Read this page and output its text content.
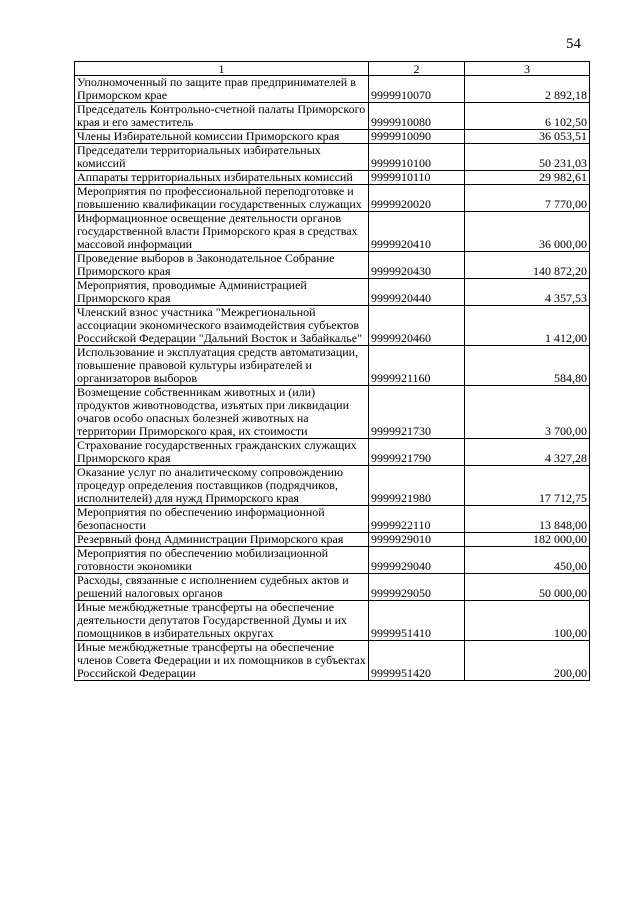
54
1	2	3
Уполномоченный по защите прав предпринимателей в Приморском крае	9999910070	2 892,18
Председатель Контрольно-счетной палаты Приморского края и его заместитель	9999910080	6 102,50
Члены Избирательной комиссии Приморского края	9999910090	36 053,51
Председатели территориальных избирательных комиссий	9999910100	50 231,03
Аппараты территориальных избирательных комиссий	9999910110	29 982,61
Мероприятия по профессиональной переподготовке и повышению квалификации государственных служащих	9999920020	7 770,00
Информационное освещение деятельности органов государственной власти Приморского края в средствах массовой информации	9999920410	36 000,00
Проведение выборов в Законодательное Собрание Приморского края	9999920430	140 872,20
Мероприятия, проводимые Администрацией Приморского края	9999920440	4 357,53
Членский взнос участника "Межрегиональной ассоциации экономического взаимодействия субъектов Российской Федерации "Дальний Восток и Забайкалье"	9999920460	1 412,00
Использование и эксплуатация средств автоматизации, повышение правовой культуры избирателей и организаторов выборов	9999921160	584,80
Возмещение собственникам животных и (или) продуктов животноводства, изъятых при ликвидации очагов особо опасных болезней животных на территории Приморского края, их стоимости	9999921730	3 700,00
Страхование государственных гражданских служащих Приморского края	9999921790	4 327,28
Оказание услуг по аналитическому сопровождению процедур определения поставщиков (подрядчиков, исполнителей) для нужд Приморского края	9999921980	17 712,75
Мероприятия по обеспечению информационной безопасности	9999922110	13 848,00
Резервный фонд Администрации Приморского края	9999929010	182 000,00
Мероприятия по обеспечению мобилизационной готовности экономики	9999929040	450,00
Расходы, связанные с исполнением судебных актов и решений налоговых органов	9999929050	50 000,00
Иные межбюджетные трансферты на обеспечение деятельности депутатов Государственной Думы и их помощников в избирательных округах	9999951410	100,00
Иные межбюджетные трансферты на обеспечение членов Совета Федерации и их помощников в субъектах Российской Федерации	9999951420	200,00
